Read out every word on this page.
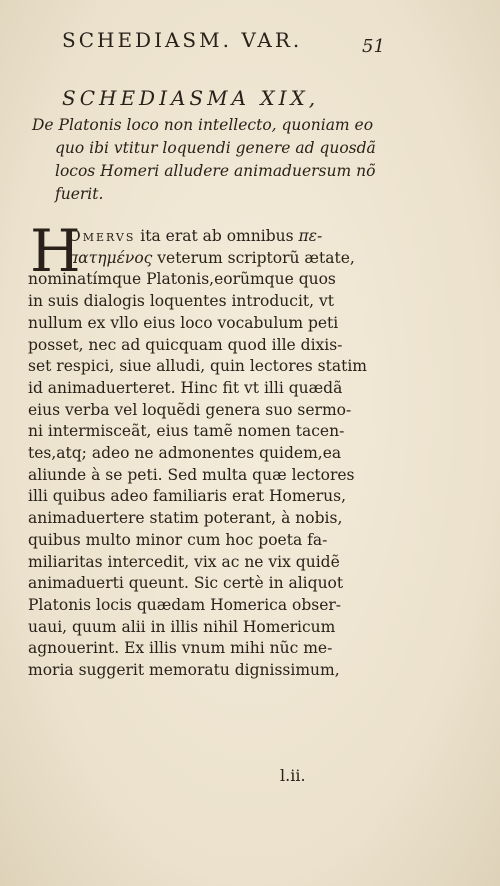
SCHEDIASM. VAR.	51
SCHEDIASMA XIX,
De Platonis loco non intellecto, quoniam eo
quo ibi vtitur loquendi genere ad quosdã
locos Homeri alludere animaduersum nõ
fuerit.
H
Omervs ita erat ab omnibus πε-
πατημένος veterum scriptorũ ætate,
nominatímque Platonis,eorũmque quos
in suis dialogis loquentes introducit, vt
nullum ex vllo eius loco vocabulum peti
posset, nec ad quicquam quod ille dixis-
set respici, siue alludi, quin lectores statim
id animaduerteret. Hinc fit vt illi quædã
eius verba vel loquẽdi genera suo sermo-
ni intermisceãt, eius tamẽ nomen tacen-
tes,atq; adeo ne admonentes quidem,ea
aliunde à se peti. Sed multa quæ lectores
illi quibus adeo familiaris erat Homerus,
animaduertere statim poterant, à nobis,
quibus multo minor cum hoc poeta fa-
miliaritas intercedit, vix ac ne vix quidẽ
animaduerti queunt. Sic certè in aliquot
Platonis locis quædam Homerica obser-
uaui, quum alii in illis nihil Homericum
agnouerint. Ex illis vnum mihi nũc me-
moria suggerit memoratu dignissimum,
l.ii.
